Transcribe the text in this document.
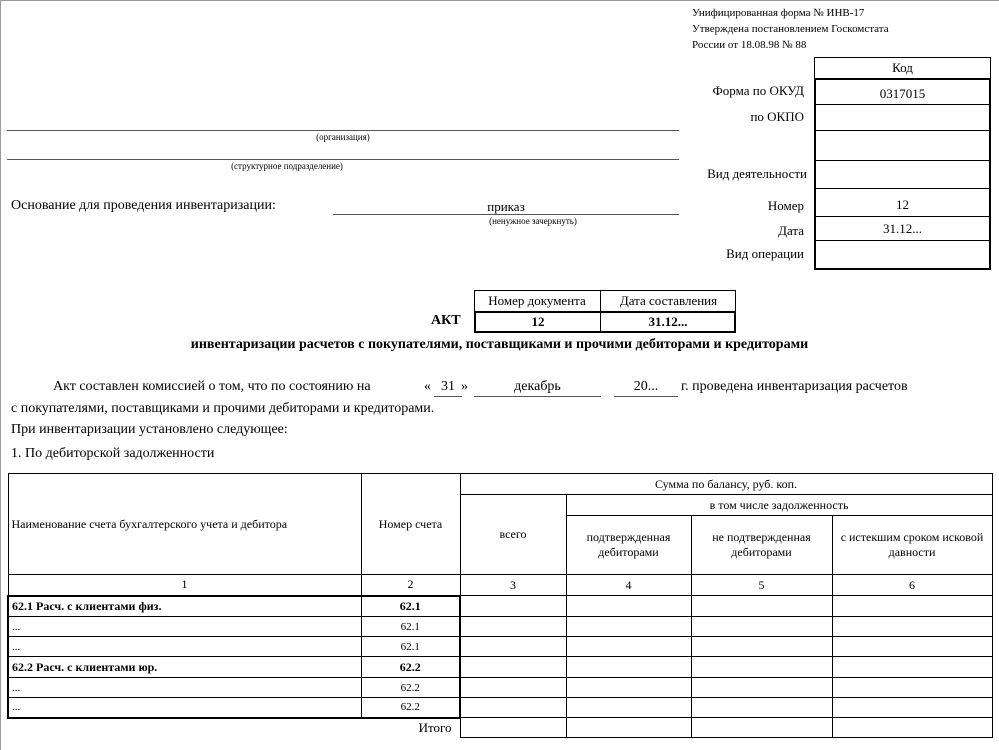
Унифицированная форма № ИНВ-17
Утверждена постановлением Госкомстата
России от 18.08.98 № 88
Код
Форма по ОКУД	0317015
по ОКПО
Вид деятельности
Номер	12
Дата	31.12...
Вид операции
(организация)
(структурное подразделение)
Основание для проведения инвентаризации:	приказ
(ненужное зачеркнуть)
Номер документа	Дата составления
12	31.12...
АКТ
инвентаризации расчетов с покупателями, поставщиками и прочими дебиторами и кредиторами
Акт составлен комиссией о том, что по состоянию на	« 31 »	декабрь	20...	г. проведена инвентаризация расчетов
с покупателями, поставщиками и прочими дебиторами и кредиторами.
При инвентаризации установлено следующее:
1. По дебиторской задолженности
Наименование счета бухгалтерского учета и дебитора	Номер счета	Сумма по балансу, руб. коп.			
		всего	в том числе задолженность		
			подтвержденная дебиторами	не подтвержденная дебиторами	с истекшим сроком исковой давности
1	2	3	4	5	6
62.1 Расч. с клиентами физ.	62.1				
...	62.1				
...	62.1				
62.2 Расч. с клиентами юр.	62.2				
...	62.2				
...	62.2				
	Итого				
